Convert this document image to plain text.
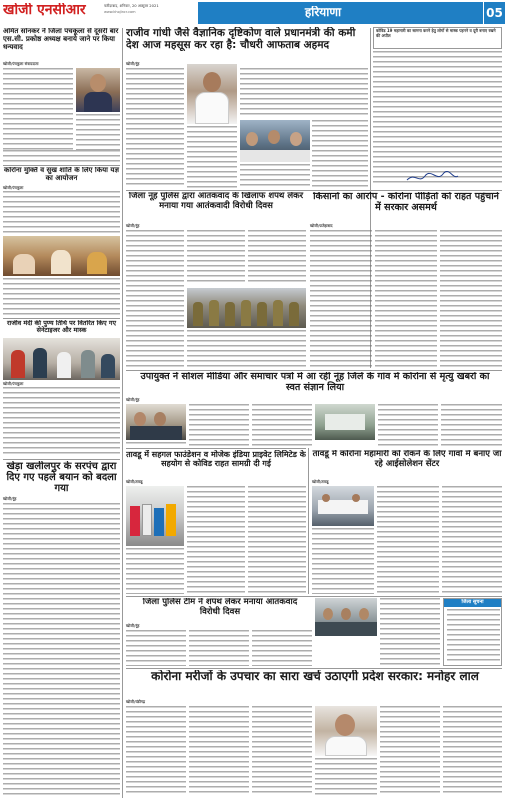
खोजी एनसीआर	फरीदाबाद, शनिवार, 20 अक्टूबर 2021
www.khojincr.com	हरियाणा	05
अमित सोनकर ने जिला पंचकूला से दूसरी बार एस.सी. प्रकोष्ठ अध्यक्ष बनाये जाने पर किया धन्यवाद
खोजी/पंचकूला संवाददाता
कोरोना मुक्ति व सुख शांति के लिए किया यज्ञ का आयोजन
खोजी/पंचकूला
राजीव मंदी की पुण्य तिथि पर वितरित किए गए सेनेटाइजर और मास्क
खोजी/पंचकूला
खेड़ा खलीलपुर के सरपंच द्वारा दिए गए पहले बयान को बदला गया
खोजी/नूंह
राजीव गांधी जैसे वैज्ञानिक दृष्टिकोण वाले प्रधानमंत्री की कमी देश आज महसूस कर रहा है: चौधरी आफताब अहमद
खोजी/नूंह
कोविड 19 महामारी का सामना करने हेतु लोगों से मास्क पहनने व दूरी बनाए रखने की अपील
जिला नूंह पुलिस द्वारा आतंकवाद के खिलाफ शपथ लेकर मनाया गया आतंकवादी विरोधी दिवस
खोजी/नूंह
किसानों का आरोप - कोरोना पीड़ितों को राहत पहुंचाने में सरकार असमर्थ
खोजी/फतेहाबाद
उपायुक्त ने सोशल मीडिया और समाचार पत्रों में आ रही नूंह जिले के गांव में कोरोना से मृत्यु खबरों का स्वत संज्ञान लिया
खोजी/नूंह
तावडू में सहगल फाउंडेशन व मोजेक इंडिया प्राइवेट लिमिटेड के सहयोग से कोविड राहत सामग्री दी गई
खोजी/तावडू
तावडू में कोरोना महामारी को रोकने के लिए गांवों में बनाए जा रहे आईसोलेशन सेंटर
खोजी/तावडू
जिला पुलिस टीम ने शपथ लेकर मनाया आतंकवाद विरोधी दिवस
खोजी/नूंह
जिला सूचना
कोरोना मरीजों के उपचार का सारा खर्च उठाएगी प्रदेश सरकार: मनोहर लाल
खोजी/चंडीगढ़
